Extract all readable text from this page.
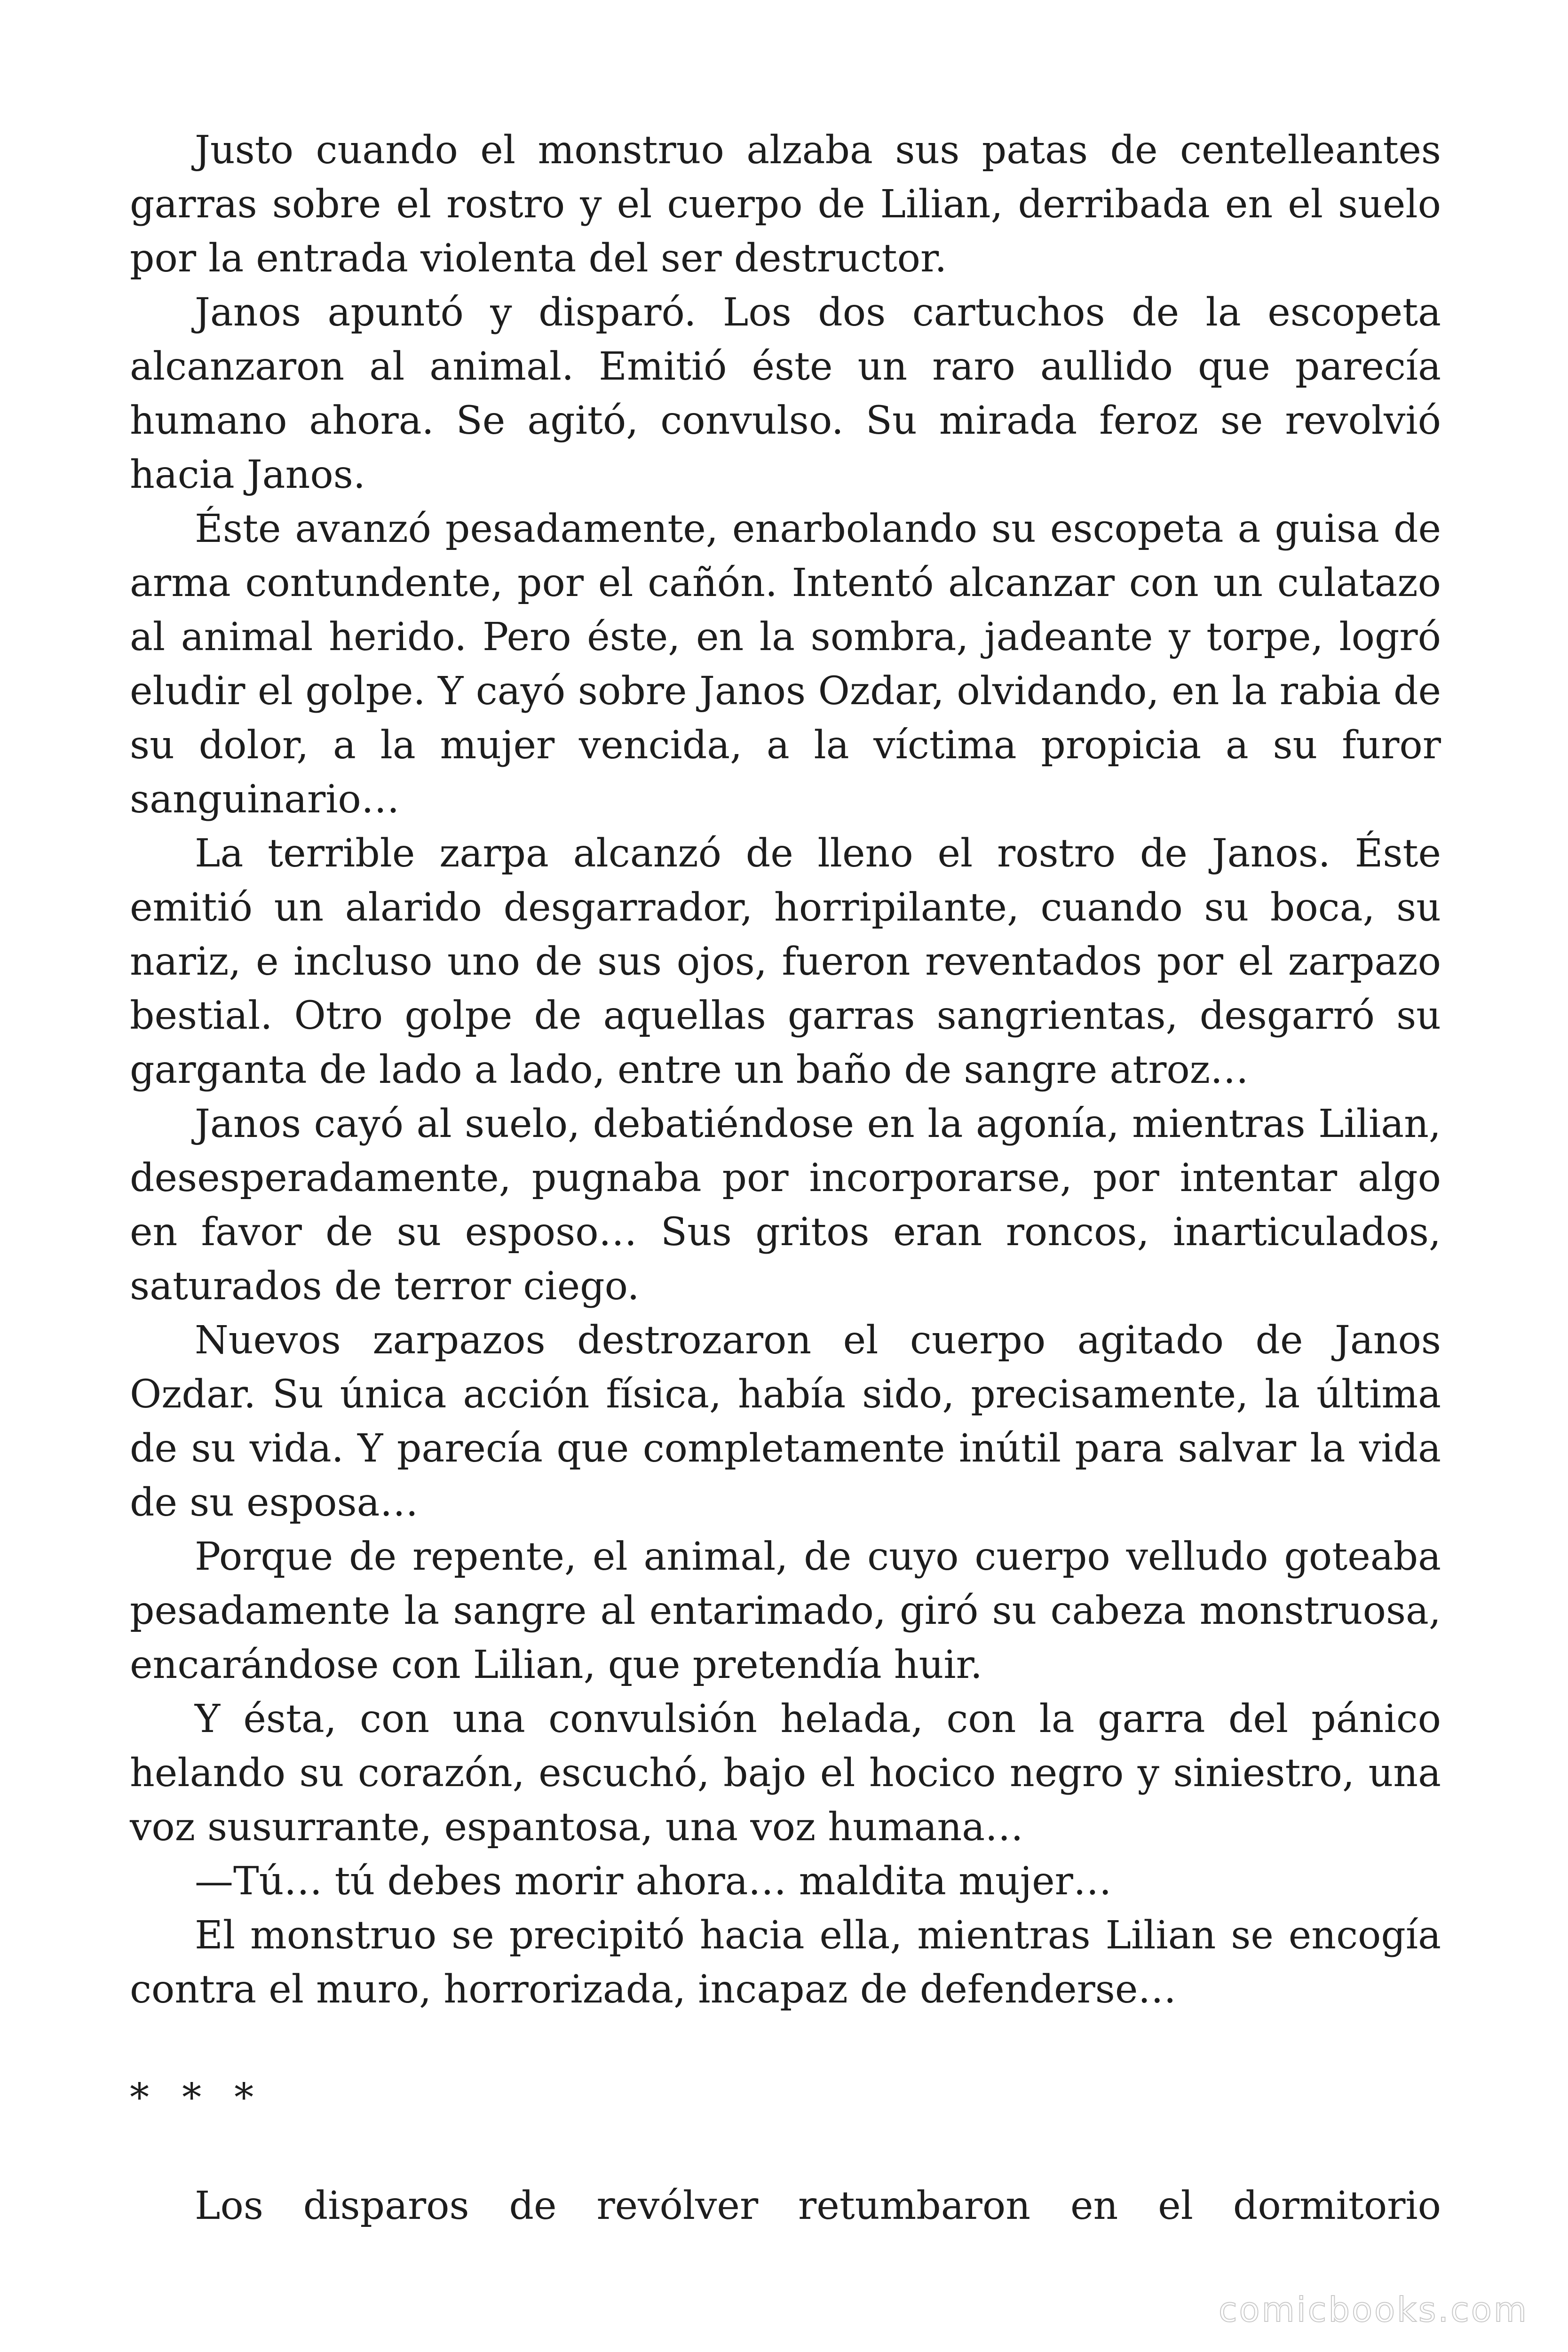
Justo cuando el monstruo alzaba sus patas de centelleantes garras sobre el rostro y el cuerpo de Lilian, derribada en el suelo por la entrada violenta del ser destructor.

Janos apuntó y disparó. Los dos cartuchos de la escopeta alcanzaron al animal. Emitió éste un raro aullido que parecía humano ahora. Se agitó, convulso. Su mirada feroz se revolvió hacia Janos.

Éste avanzó pesadamente, enarbolando su escopeta a guisa de arma contundente, por el cañón. Intentó alcanzar con un culatazo al animal herido. Pero éste, en la sombra, jadeante y torpe, logró eludir el golpe. Y cayó sobre Janos Ozdar, olvidando, en la rabia de su dolor, a la mujer vencida, a la víctima propicia a su furor sanguinario…

La terrible zarpa alcanzó de lleno el rostro de Janos. Éste emitió un alarido desgarrador, horripilante, cuando su boca, su nariz, e incluso uno de sus ojos, fueron reventados por el zarpazo bestial. Otro golpe de aquellas garras sangrientas, desgarró su garganta de lado a lado, entre un baño de sangre atroz…

Janos cayó al suelo, debatiéndose en la agonía, mientras Lilian, desesperadamente, pugnaba por incorporarse, por intentar algo en favor de su esposo… Sus gritos eran roncos, inarticulados, saturados de terror ciego.

Nuevos zarpazos destrozaron el cuerpo agitado de Janos Ozdar. Su única acción física, había sido, precisamente, la última de su vida. Y parecía que completamente inútil para salvar la vida de su esposa…

Porque de repente, el animal, de cuyo cuerpo velludo goteaba pesadamente la sangre al entarimado, giró su cabeza monstruosa, encarándose con Lilian, que pretendía huir.

Y ésta, con una convulsión helada, con la garra del pánico helando su corazón, escuchó, bajo el hocico negro y siniestro, una voz susurrante, espantosa, una voz humana…

—Tú… tú debes morir ahora… maldita mujer…

El monstruo se precipitó hacia ella, mientras Lilian se encogía contra el muro, horrorizada, incapaz de defenderse…

* * *

Los disparos de revólver retumbaron en el dormitorio

comicbooks.com
